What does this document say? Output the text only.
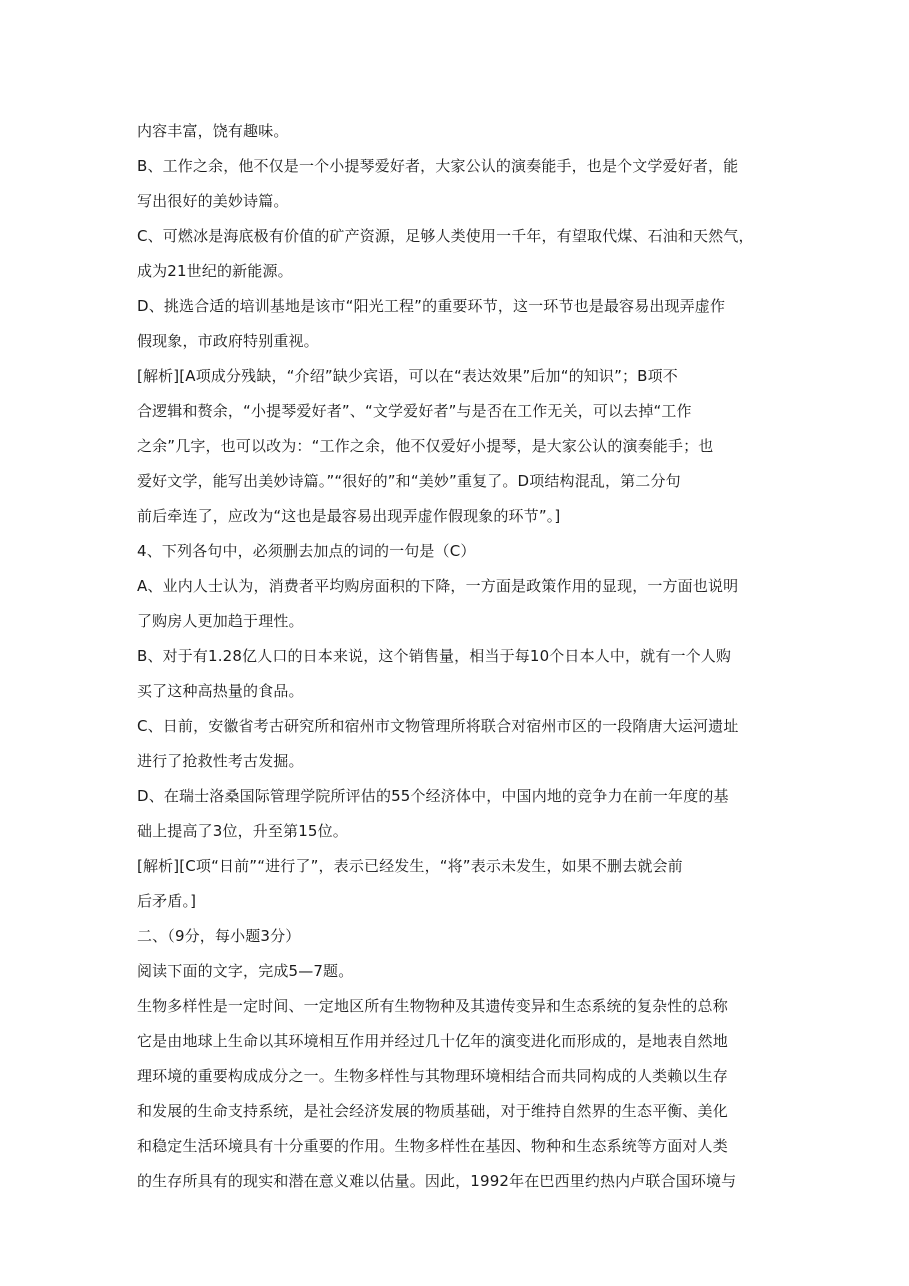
内容丰富，饶有趣味。
B、工作之余，他不仅是一个小提琴爱好者，大家公认的演奏能手，也是个文学爱好者，能
写出很好的美妙诗篇。
C、可燃冰是海底极有价值的矿产资源，足够人类使用一千年，有望取代煤、石油和天然气，
成为21世纪的新能源。
D、挑选合适的培训基地是该市“阳光工程”的重要环节，这一环节也是最容易出现弄虚作
假现象，市政府特别重视。
[解析][A项成分残缺，“介绍”缺少宾语，可以在“表达效果”后加“的知识”；B项不
合逻辑和赘余，“小提琴爱好者”、“文学爱好者”与是否在工作无关，可以去掉“工作
之余”几字，也可以改为：“工作之余，他不仅爱好小提琴，是大家公认的演奏能手；也
爱好文学，能写出美妙诗篇。”“很好的”和“美妙”重复了。D项结构混乱，第二分句
前后牵连了，应改为“这也是最容易出现弄虚作假现象的环节”。]
4、下列各句中，必须删去加点的词的一句是（C）
A、业内人士认为，消费者平均购房面积的下降，一方面是政策作用的显现，一方面也说明
了购房人更加趋于理性。
B、对于有1.28亿人口的日本来说，这个销售量，相当于每10个日本人中，就有一个人购
买了这种高热量的食品。
C、日前，安徽省考古研究所和宿州市文物管理所将联合对宿州市区的一段隋唐大运河遗址
进行了抢救性考古发掘。
D、在瑞士洛桑国际管理学院所评估的55个经济体中，中国内地的竞争力在前一年度的基
础上提高了3位，升至第15位。
[解析][C项“日前”“进行了”，表示已经发生，“将”表示未发生，如果不删去就会前
后矛盾。]
二、（9分，每小题3分）
阅读下面的文字，完成5—7题。
生物多样性是一定时间、一定地区所有生物物种及其遗传变异和生态系统的复杂性的总称
它是由地球上生命以其环境相互作用并经过几十亿年的演变进化而形成的，是地表自然地
理环境的重要构成成分之一。生物多样性与其物理环境相结合而共同构成的人类赖以生存
和发展的生命支持系统，是社会经济发展的物质基础，对于维持自然界的生态平衡、美化
和稳定生活环境具有十分重要的作用。生物多样性在基因、物种和生态系统等方面对人类
的生存所具有的现实和潜在意义难以估量。因此，1992年在巴西里约热内卢联合国环境与
